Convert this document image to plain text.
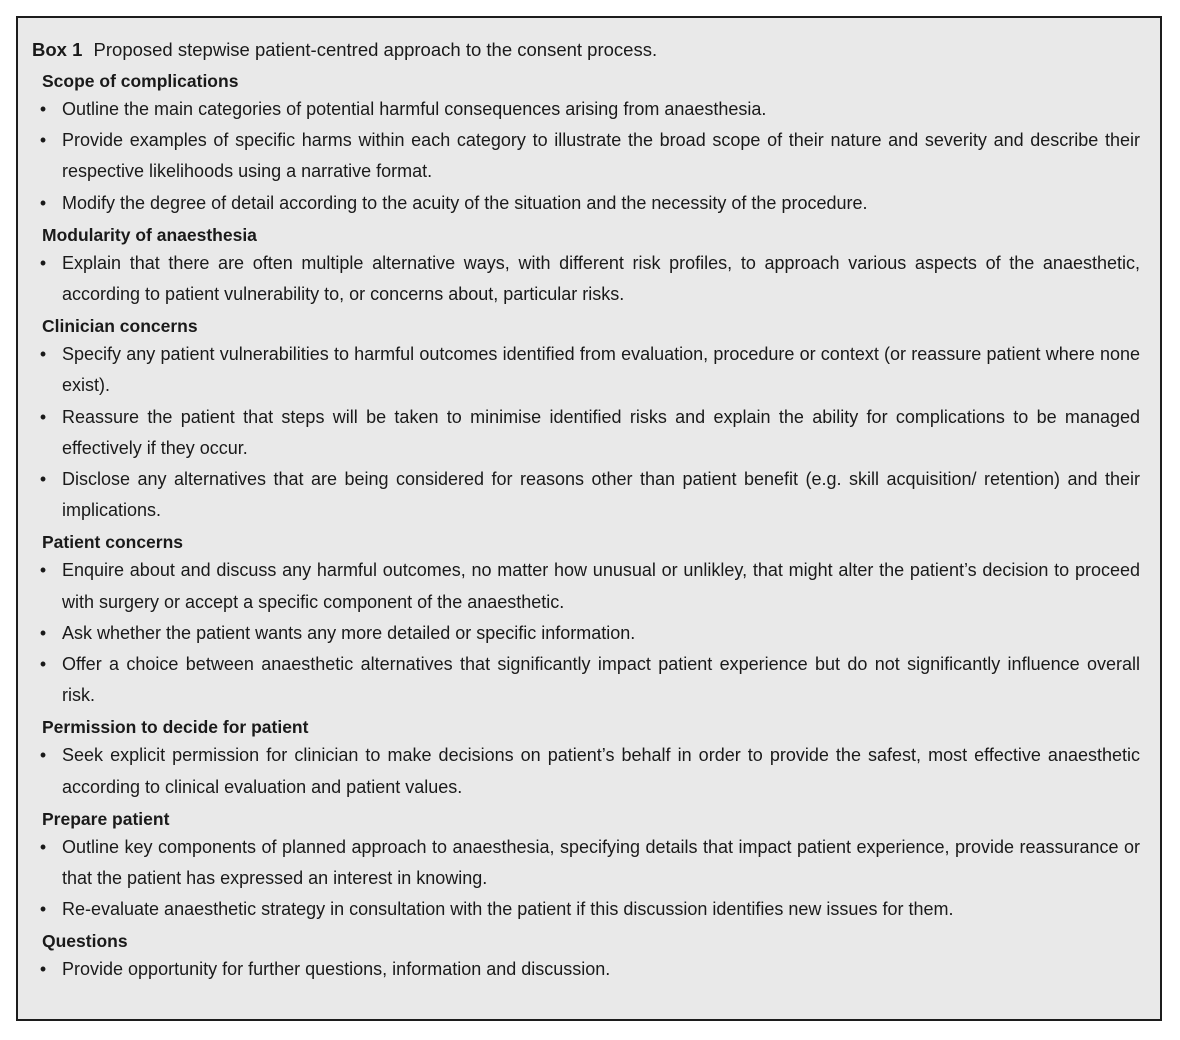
Box 1 Proposed stepwise patient-centred approach to the consent process.
Scope of complications
• Outline the main categories of potential harmful consequences arising from anaesthesia.
• Provide examples of specific harms within each category to illustrate the broad scope of their nature and severity and describe their respective likelihoods using a narrative format.
• Modify the degree of detail according to the acuity of the situation and the necessity of the procedure.
Modularity of anaesthesia
• Explain that there are often multiple alternative ways, with different risk profiles, to approach various aspects of the anaesthetic, according to patient vulnerability to, or concerns about, particular risks.
Clinician concerns
• Specify any patient vulnerabilities to harmful outcomes identified from evaluation, procedure or context (or reassure patient where none exist).
• Reassure the patient that steps will be taken to minimise identified risks and explain the ability for complications to be managed effectively if they occur.
• Disclose any alternatives that are being considered for reasons other than patient benefit (e.g. skill acquisition/ retention) and their implications.
Patient concerns
• Enquire about and discuss any harmful outcomes, no matter how unusual or unlikley, that might alter the patient’s decision to proceed with surgery or accept a specific component of the anaesthetic.
• Ask whether the patient wants any more detailed or specific information.
• Offer a choice between anaesthetic alternatives that significantly impact patient experience but do not significantly influence overall risk.
Permission to decide for patient
• Seek explicit permission for clinician to make decisions on patient’s behalf in order to provide the safest, most effective anaesthetic according to clinical evaluation and patient values.
Prepare patient
• Outline key components of planned approach to anaesthesia, specifying details that impact patient experience, provide reassurance or that the patient has expressed an interest in knowing.
• Re-evaluate anaesthetic strategy in consultation with the patient if this discussion identifies new issues for them.
Questions
• Provide opportunity for further questions, information and discussion.
